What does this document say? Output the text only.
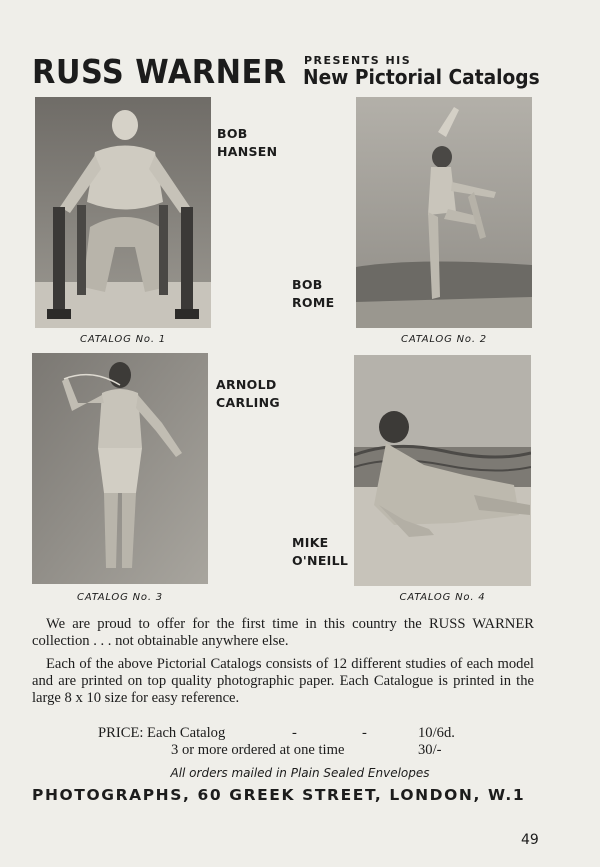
RUSS WARNER PRESENTS HIS
New Pictorial Catalogs
BOB
HANSEN
CATALOG No. 1
BOB
ROME
CATALOG No. 2
ARNOLD
CARLING
CATALOG No. 3
MIKE
O'NEILL
CATALOG No. 4
We are proud to offer for the first time in this country the RUSS WARNER collection . . . not obtainable anywhere else.
Each of the above Pictorial Catalogs consists of 12 different studies of each model and are printed on top quality photographic paper. Each Catalogue is printed in the large 8 x 10 size for easy reference.
PRICE: Each Catalog	-	-	10/6d.
3 or more ordered at one time	30/-
All orders mailed in Plain Sealed Envelopes
PHOTOGRAPHS, 60 GREEK STREET, LONDON, W.1
49
